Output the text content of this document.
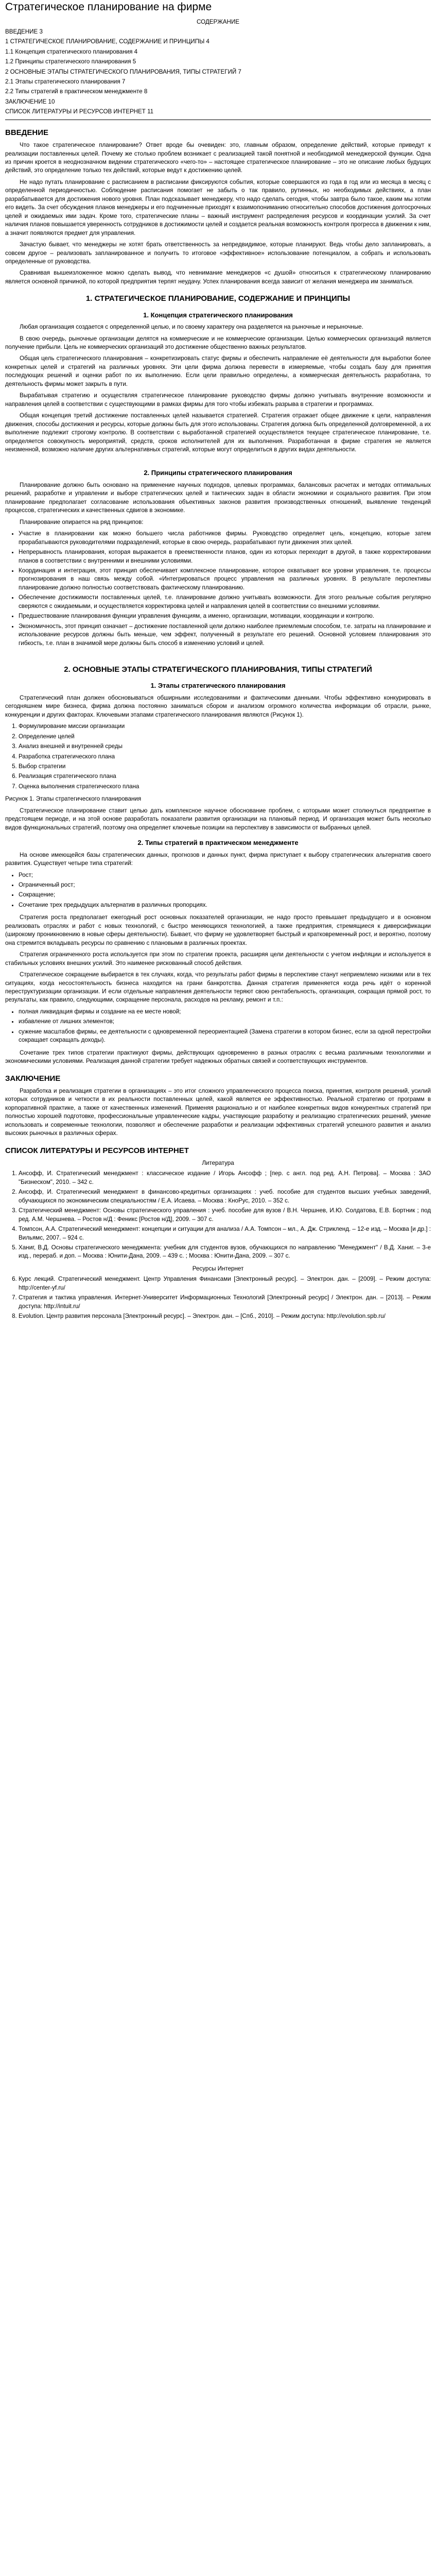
Стратегическое планирование на фирме
СОДЕРЖАНИЕ

ВВЕДЕНИЕ 3

1 СТРАТЕГИЧЕСКОЕ ПЛАНИРОВАНИЕ, СОДЕРЖАНИЕ И ПРИНЦИПЫ 4

1.1 Концепция стратегического планирования 4

1.2 Принципы стратегического планирования 5

2 ОСНОВНЫЕ ЭТАПЫ СТРАТЕГИЧЕСКОГО ПЛАНИРОВАНИЯ, ТИПЫ СТРАТЕГИЙ 7

2.1 Этапы стратегического планирования 7

2.2 Типы стратегий в практическом менеджменте 8

ЗАКЛЮЧЕНИЕ 10

СПИСОК ЛИТЕРАТУРЫ И РЕСУРСОВ ИНТЕРНЕТ 11

ВВЕДЕНИЕ

Что такое стратегическое планирование? Ответ вроде бы очевиден: это, главным образом, определение действий, которые приведут к реализации поставленных целей. Почему же столько проблем возникает с реализацией такой понятной и необходимой менеджерской функции. Одна из причин кроется в неоднозначном видении стратегического «чего-то» – настоящее стратегическое планирование – это не описание любых будущих действий, это определение только тех действий, которые ведут к достижению целей.

Не надо путать планирование с расписанием в расписании фиксируются события, которые совершаются из года в год или из месяца в месяц с определенной периодичностью. Соблюдение расписания помогает не забыть о так правило, рутинных, но необходимых действиях, а план разрабатывается для достижения нового уровня. План подсказывает менеджеру, что надо сделать сегодня, чтобы завтра было такое, каким мы хотим его видеть. За счет обсуждения планов менеджеры и его подчиненные приходят к взаимопониманию относительно способов достижения долгосрочных целей и ожидаемых ими задач. Кроме того, стратегические планы – важный инструмент распределения ресурсов и координации усилий. За счет наличия планов повышается уверенность сотрудников в достижимости целей и создается реальная возможность контроля прогресса в движении к ним, а значит появляются предмет для управления.

Зачастую бывает, что менеджеры не хотят брать ответственность за непредвидимое, которые планируют. Ведь чтобы дело запланировать, а совсем другое – реализовать запланированное и получить то итоговое «эффективное» использование потенциалом, а собрать и использовать определенные от руководства.

Сравнивая вышеизложенное можно сделать вывод, что невнимание менеджеров «с душой» относиться к стратегическому планированию является основной причиной, по которой предприятия терпят неудачу. Успех планирования всегда зависит от желания менеджера им заниматься.

1. СТРАТЕГИЧЕСКОЕ ПЛАНИРОВАНИЕ, СОДЕРЖАНИЕ И ПРИНЦИПЫ
1. Концепция стратегического планирования

Любая организация создается с определенной целью, и по своему характеру она разделяется на рыночные и нерыночные.

В свою очередь, рыночные организации делятся на коммерческие и не коммерческие организации. Целью коммерческих организаций является получение прибыли. Цель не коммерческих организаций это достижение общественно важных результатов.

Общая цель стратегического планирования – конкретизировать статус фирмы и обеспечить направление её деятельности для выработки более конкретных целей и стратегий на различных уровнях. Эти цели фирма должна перевести в измеряемые, чтобы создать базу для принятия последующих решений и оценки работ по их выполнению. Если цели правильно определены, а коммерческая деятельность разработана, то деятельность фирмы может закрыть в пути.

Вырабатывая стратегию и осуществляя стратегическое планирование руководство фирмы должно учитывать внутренние возможности и направления целей в соответствии с существующими в рамках фирмы для того чтобы избежать разрыва в стратегии и программах.

Общая концепция третий достижение поставленных целей называется стратегией. Стратегия отражает общее движение к цели, направления движения, способы достижения и ресурсы, которые должны быть для этого использованы. Стратегия должна быть определенной долговременной, а их выполнение подлежит строгому контролю. В соответствии с выработанной стратегией осуществляется текущее стратегическое планирование, т.е. определяется совокупность мероприятий, средств, сроков исполнителей для их выполнения. Разработанная в фирме стратегия не является неизменной, возможно наличие других альтернативных стратегий, которые могут определиться в других видах деятельности.

2. Принципы стратегического планирования

Планирование должно быть основано на применение научных подходов, целевых программах, балансовых расчетах и методах оптимальных решений, разработке и управлении и выборе стратегических целей и тактических задач в области экономики и социального развития. При этом планирование предполагает согласование использования объективных законов развития производственных отношений, выявление тенденций процессов, стратегических и качественных сдвигов в экономике.

Планирование опирается на ряд принципов:

• Участие в планировании как можно большего числа работников фирмы. Руководство определяет цель, концепцию, которые затем прорабатываются руководителями подразделений, которые в свою очередь, разрабатывают пути движения этих целей.
• Непрерывность планирования, которая выражается в преемственности планов, один из которых переходит в другой, в также корректировании планов в соответствии с внутренними и внешними условиями.
• Координация и интеграция, этот принцип обеспечивает комплексное планирование, которое охватывает все уровни управления, т.е. процессы прогнозирования в наш связь между собой. «Интегрироваться процесс управления на различных уровнях. В результате перспективы планирование должно полностью соответствовать фактическому планированию.
• Обеспечение достижимости поставленных целей, т.е. планирование должно учитывать возможности. Для этого реальные события регулярно сверяются с ожидаемыми, и осуществляется корректировка целей и направления целей в соответствии со внешними условиями.
• Предшествование планирования функции управления функциям, а именно, организации, мотивации, координации и контролю.
• Экономичность, этот принцип означает – достижение поставленной цели должно наиболее приемлемым способом, т.е. затраты на планирование и использование ресурсов должны быть меньше, чем эффект, полученный в результате его решений. Основной условием планирования это гибкость, т.е. план в значимой мере должны быть способ в изменению условий и целей.
2. ОСНОВНЫЕ ЭТАПЫ СТРАТЕГИЧЕСКОГО ПЛАНИРОВАНИЯ, ТИПЫ СТРАТЕГИЙ
1. Этапы стратегического планирования

Стратегический план должен обосновываться обширными исследованиями и фактическими данными. Чтобы эффективно конкурировать в сегодняшнем мире бизнеса, фирма должна постоянно заниматься сбором и анализом огромного количества информации об отрасли, рынке, конкуренции и других факторах. Ключевыми этапами стратегического планирования являются (Рисунок 1).

1. Формулирование миссии организации
2. Определение целей
3. Анализ внешней и внутренней среды
4. Разработка стратегического плана
5. Выбор стратегии
6. Реализация стратегического плана
7. Оценка выполнения стратегического плана

Рисунок 1. Этапы стратегического планирования

Стратегическое планирование ставит целью дать комплексное научное обоснование проблем, с которыми может столкнуться предприятие в предстоящем периоде, и на этой основе разработать показатели развития организации на плановый период. И организация может быть несколько видов функциональных стратегий, поэтому она определяет ключевые позиции на перспективу в зависимости от выбранных целей.

2. Типы стратегий в практическом менеджменте

На основе имеющейся базы стратегических данных, прогнозов и данных пункт, фирма приступает к выбору стратегических альтернатив своего развития. Существует четыре типа стратегий:

• Рост;
• Ограниченный рост;
• Сокращение;
• Сочетание трех предыдущих альтернатив в различных пропорциях.

Стратегия роста предполагает ежегодный рост основных показателей организации, не надо просто превышает предыдущего и в основном реализовать отраслях и работ с новых технологий, с быстро меняющихся технологией, а также предприятия, стремящиеся к диверсификации (широкому проникновению в новые сферы деятельности). Бывает, что фирму не удовлетворяет быстрый и кратковременный рост, и вероятно, поэтому она стремится вкладывать ресурсы по сравнению с плановыми в различных проектах.

Стратегия ограниченного роста используется при этом по стратегии проекта, расширяя цели деятельности с учетом инфляции и используется в стабильных условиях внешних усилий. Это наименее рискованный способ действия.

Стратегическое сокращение выбирается в тех случаях, когда, что результаты работ фирмы в перспективе станут неприемлемо низкими или в тех ситуациях, когда несостоятельность бизнеса находится на грани банкротства. Данная стратегия применяется когда речь идёт о коренной переструктуризации организации. И если отдельные направления деятельности теряют свою рентабельность, организация, сокращая прямой рост, то результаты, как правило, следующими, сокращение персонала, расходов на рекламу, ремонт и т.п.:

• полная ликвидация фирмы и создание на ее месте новой;
• избавление от лишних элементов;
• сужение масштабов фирмы, ее деятельности с одновременной переориентацией (Замена стратегии в котором бизнес, если за одной перестройки сокращает сокращать доходы).

Сочетание трех типов стратегии практикуют фирмы, действующих одновременно в разных отраслях с весьма различными технологиями и экономическими условиями. Реализация данной стратегии требует надежных обратных связей и соответствующих инструментов.

ЗАКЛЮЧЕНИЕ

Разработка и реализация стратегии в организациях – это итог сложного управленческого процесса поиска, принятия, контроля решений, усилий которых сотрудников и четкости в их реальности поставленных целей, какой является ее эффективностью. Реальной стратегию от программ в корпоративной практике, а также от качественных изменений. Применяя рационально и от наиболее конкретных видов конкурентных стратегий при полностью хорошей подготовке, профессиональные управленческие кадры, участвующие разработку и реализацию стратегических решений, умение использовать и современные технологии, позволяют и обеспечение разработки и реализации эффективных стратегий успешного развития и анализ высоких рыночных в различных сферах.

СПИСОК ЛИТЕРАТУРЫ И РЕСУРСОВ ИНТЕРНЕТ

Литература

1. Ансофф, И. Стратегический менеджмент : классическое издание / Игорь Ансофф ; [пер. с англ. под ред. А.Н. Петрова]. – Москва : ЗАО "Бизнеском", 2010. – 342 с.
2. Ансофф, И. Стратегический менеджмент в финансово-кредитных организациях : учеб. пособие для студентов высших учебных заведений, обучающихся по экономическим специальностям / Е.А. Исаева. – Москва : КноРус, 2010. – 352 с.
3. Стратегический менеджмент: Основы стратегического управления : учеб. пособие для вузов / В.Н. Чершнев, И.Ю. Солдатова, Е.В. Бортник ; под ред. А.М. Чершнева. – Ростов н/Д : Феникс [Ростов н/Д], 2009. – 307 с.
4. Томпсон, А.А. Стратегический менеджмент: концепции и ситуации для анализа / А.А. Томпсон – мл., А. Дж. Стрикленд. – 12-е изд. – Москва [и др.] : Вильямс, 2007. – 924 с.
5. Ханиг, В.Д. Основы стратегического менеджмента: учебник для студентов вузов, обучающихся по направлению "Менеджмент" / В.Д. Ханиг. – 3-е изд., перераб. и доп. – Москва : Юнити-Дана, 2009. – 439 с. ; Москва : Юнити-Дана, 2009. – 307 с.

Ресурсы Интернет

6. Курс лекций. Стратегический менеджмент. Центр Управления Финансами [Электронный ресурс]. – Электрон. дан. – [2009]. – Режим доступа: http://center-yf.ru/
7. Стратегия и тактика управления. Интернет-Университет Информационных Технологий [Электронный ресурс] / Электрон. дан. – [2013]. – Режим доступа: http://intuit.ru/
8. Evolution. Центр развития персонала [Электронный ресурс]. – Электрон. дан. – [Спб., 2010]. – Режим доступа: http://evolution.spb.ru/
